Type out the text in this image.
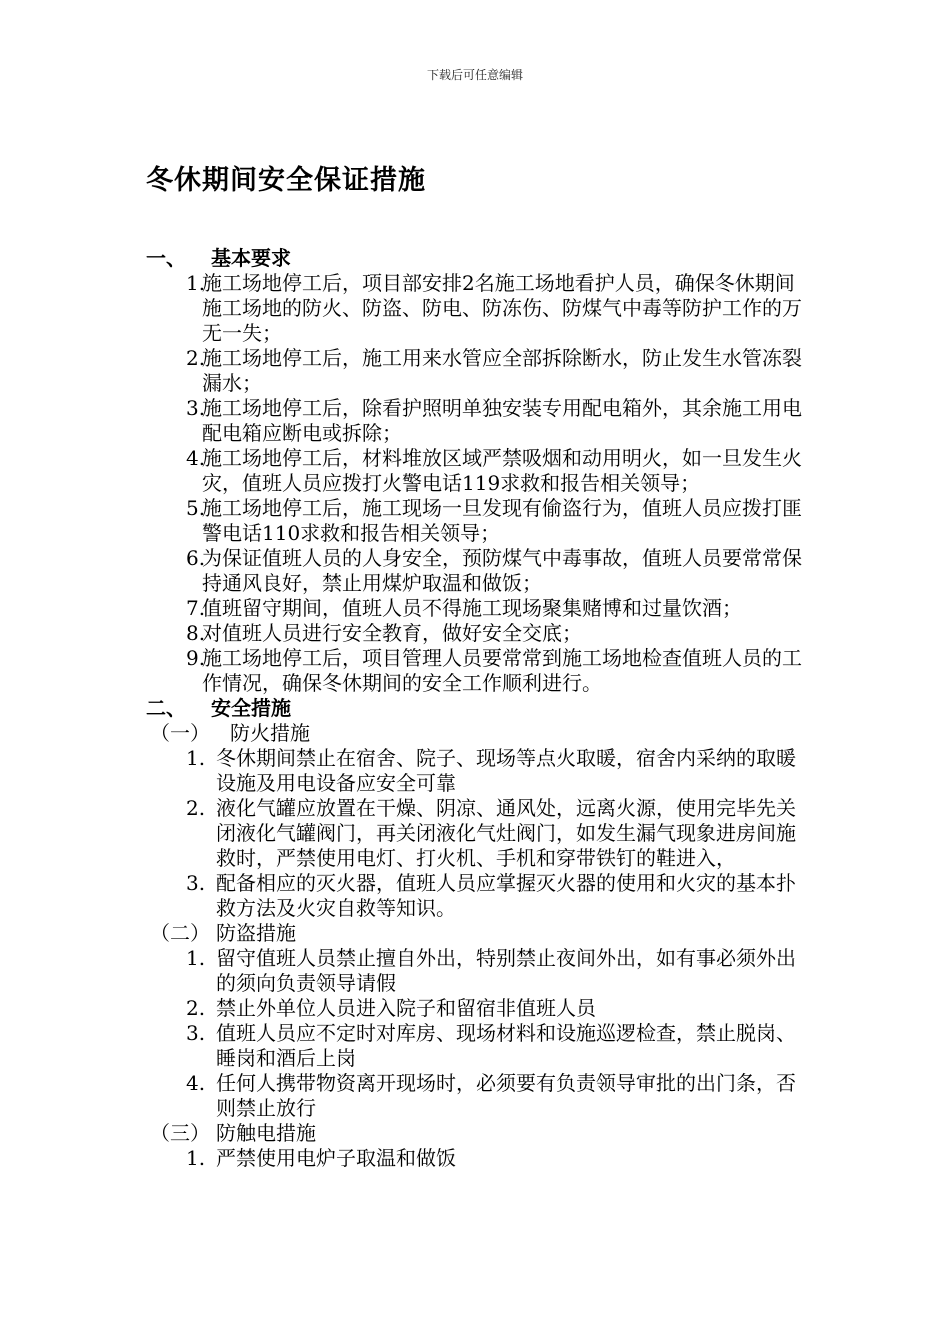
下载后可任意编辑
冬休期间安全保证措施
一、 基本要求
1.
施工场地停工后，项目部安排2名施工场地看护人员，确保冬休期间施工场地的防火、防盗、防电、防冻伤、防煤气中毒等防护工作的万无一失；
2.
施工场地停工后，施工用来水管应全部拆除断水，防止发生水管冻裂漏水；
3.
施工场地停工后，除看护照明单独安装专用配电箱外，其余施工用电配电箱应断电或拆除；
4.
施工场地停工后，材料堆放区域严禁吸烟和动用明火，如一旦发生火灾，值班人员应拨打火警电话119求救和报告相关领导；
5.
施工场地停工后，施工现场一旦发现有偷盗行为，值班人员应拨打匪警电话110求救和报告相关领导；
6.
为保证值班人员的人身安全，预防煤气中毒事故，值班人员要常常保持通风良好，禁止用煤炉取温和做饭；
7.
值班留守期间，值班人员不得施工现场聚集赌博和过量饮酒；
8.
对值班人员进行安全教育，做好安全交底；
9.
施工场地停工后，项目管理人员要常常到施工场地检查值班人员的工作情况，确保冬休期间的安全工作顺利进行。
二、 安全措施
（一） 防火措施
1. 冬休期间禁止在宿舍、院子、现场等点火取暖，宿舍内采纳的取暖设施及用电设备应安全可靠
2. 液化气罐应放置在干燥、阴凉、通风处，远离火源，使用完毕先关闭液化气罐阀门，再关闭液化气灶阀门，如发生漏气现象进房间施救时，严禁使用电灯、打火机、手机和穿带铁钉的鞋进入，
3. 配备相应的灭火器，值班人员应掌握灭火器的使用和火灾的基本扑救方法及火灾自救等知识。
（二） 防盗措施
1. 留守值班人员禁止擅自外出，特别禁止夜间外出，如有事必须外出的须向负责领导请假
2. 禁止外单位人员进入院子和留宿非值班人员
3. 值班人员应不定时对库房、现场材料和设施巡逻检查，禁止脱岗、睡岗和酒后上岗
4. 任何人携带物资离开现场时，必须要有负责领导审批的出门条，否则禁止放行
（三） 防触电措施
1. 严禁使用电炉子取温和做饭
